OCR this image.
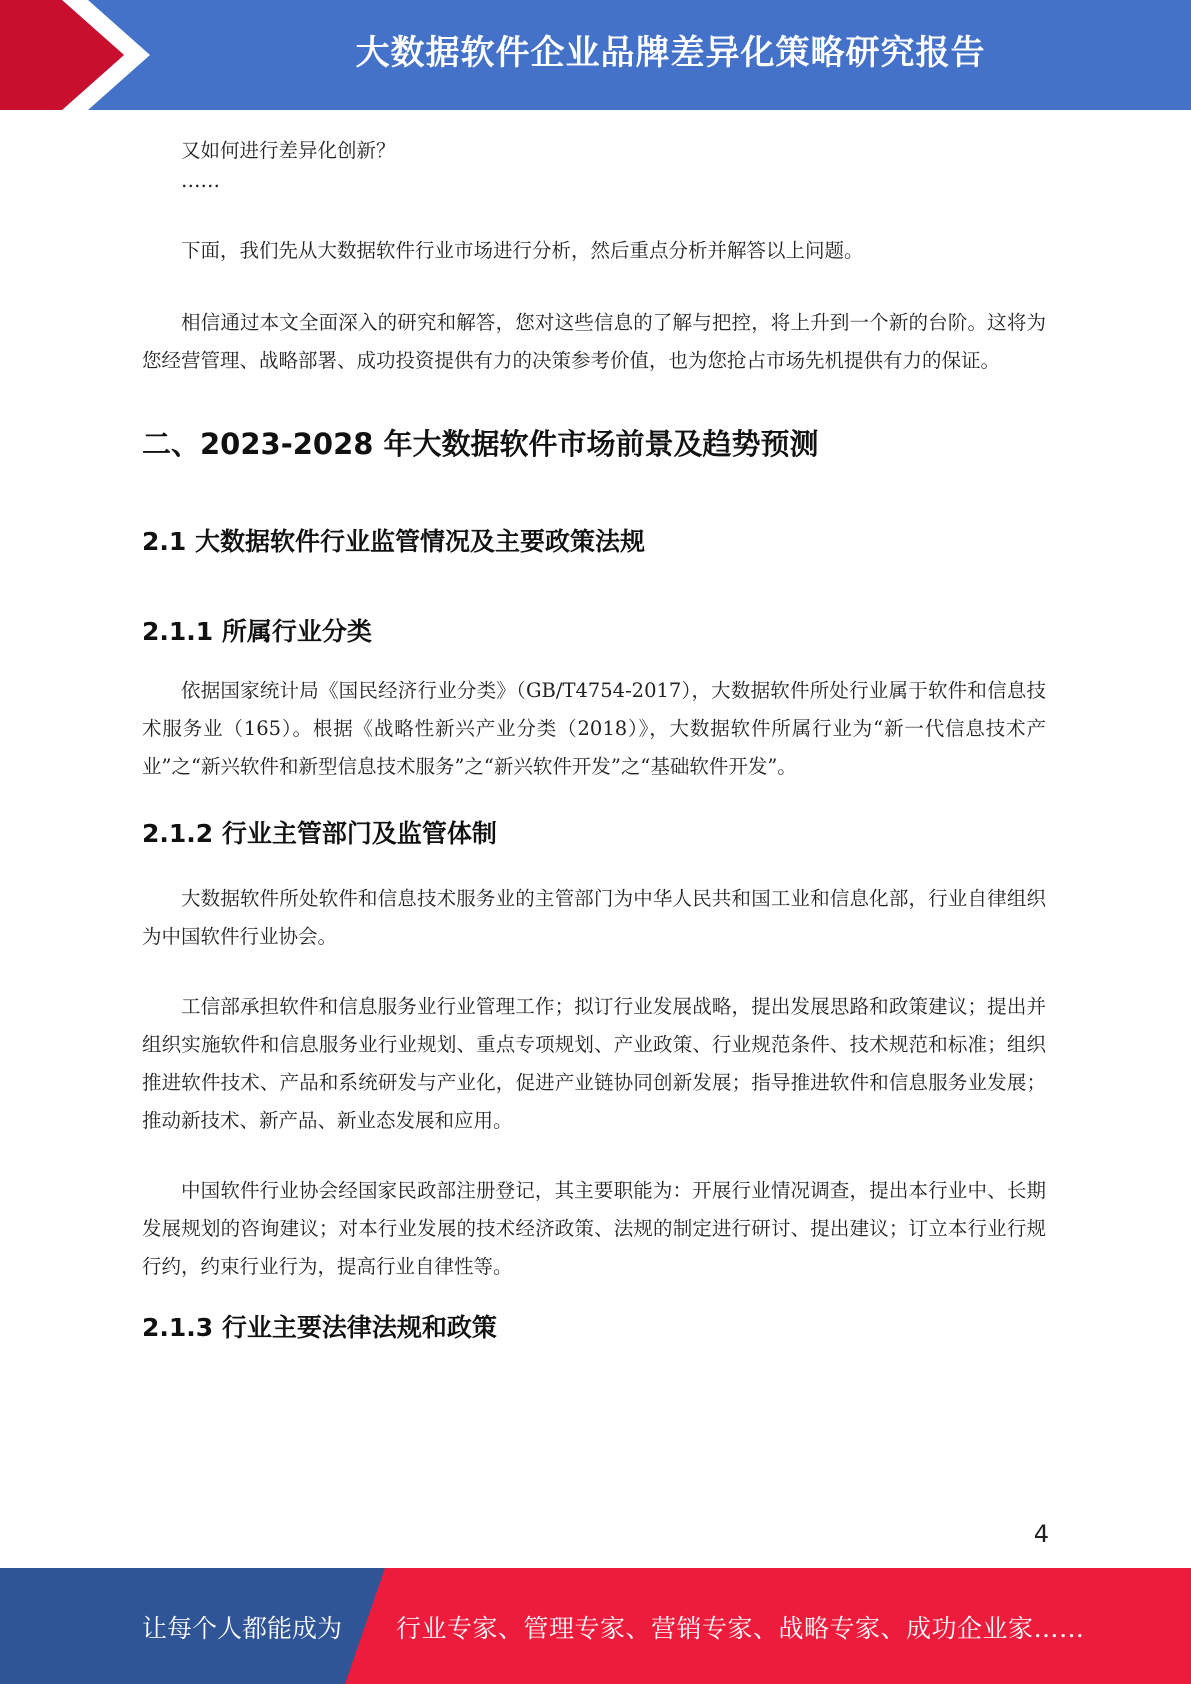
大数据软件企业品牌差异化策略研究报告

又如何进行差异化创新？

……

下面，我们先从大数据软件行业市场进行分析，然后重点分析并解答以上问题。

相信通过本文全面深入的研究和解答，您对这些信息的了解与把控，将上升到一个新的台阶。这将为您经营管理、战略部署、成功投资提供有力的决策参考价值，也为您抢占市场先机提供有力的保证。

二、2023-2028 年大数据软件市场前景及趋势预测
2.1 大数据软件行业监管情况及主要政策法规
2.1.1 所属行业分类

依据国家统计局《国民经济行业分类》（GB/T4754-2017），大数据软件所处行业属于软件和信息技术服务业（165）。根据《战略性新兴产业分类（2018）》，大数据软件所属行业为“新一代信息技术产业”之“新兴软件和新型信息技术服务”之“新兴软件开发”之“基础软件开发”。

2.1.2 行业主管部门及监管体制

大数据软件所处软件和信息技术服务业的主管部门为中华人民共和国工业和信息化部，行业自律组织为中国软件行业协会。

工信部承担软件和信息服务业行业管理工作；拟订行业发展战略，提出发展思路和政策建议；提出并组织实施软件和信息服务业行业规划、重点专项规划、产业政策、行业规范条件、技术规范和标准；组织推进软件技术、产品和系统研发与产业化，促进产业链协同创新发展；指导推进软件和信息服务业发展；推动新技术、新产品、新业态发展和应用。

中国软件行业协会经国家民政部注册登记，其主要职能为：开展行业情况调查，提出本行业中、长期发展规划的咨询建议；对本行业发展的技术经济政策、法规的制定进行研讨、提出建议；订立本行业行规行约，约束行业行为，提高行业自律性等。

2.1.3 行业主要法律法规和政策
4
让每个人都能成为 行业专家、管理专家、营销专家、战略专家、成功企业家……
